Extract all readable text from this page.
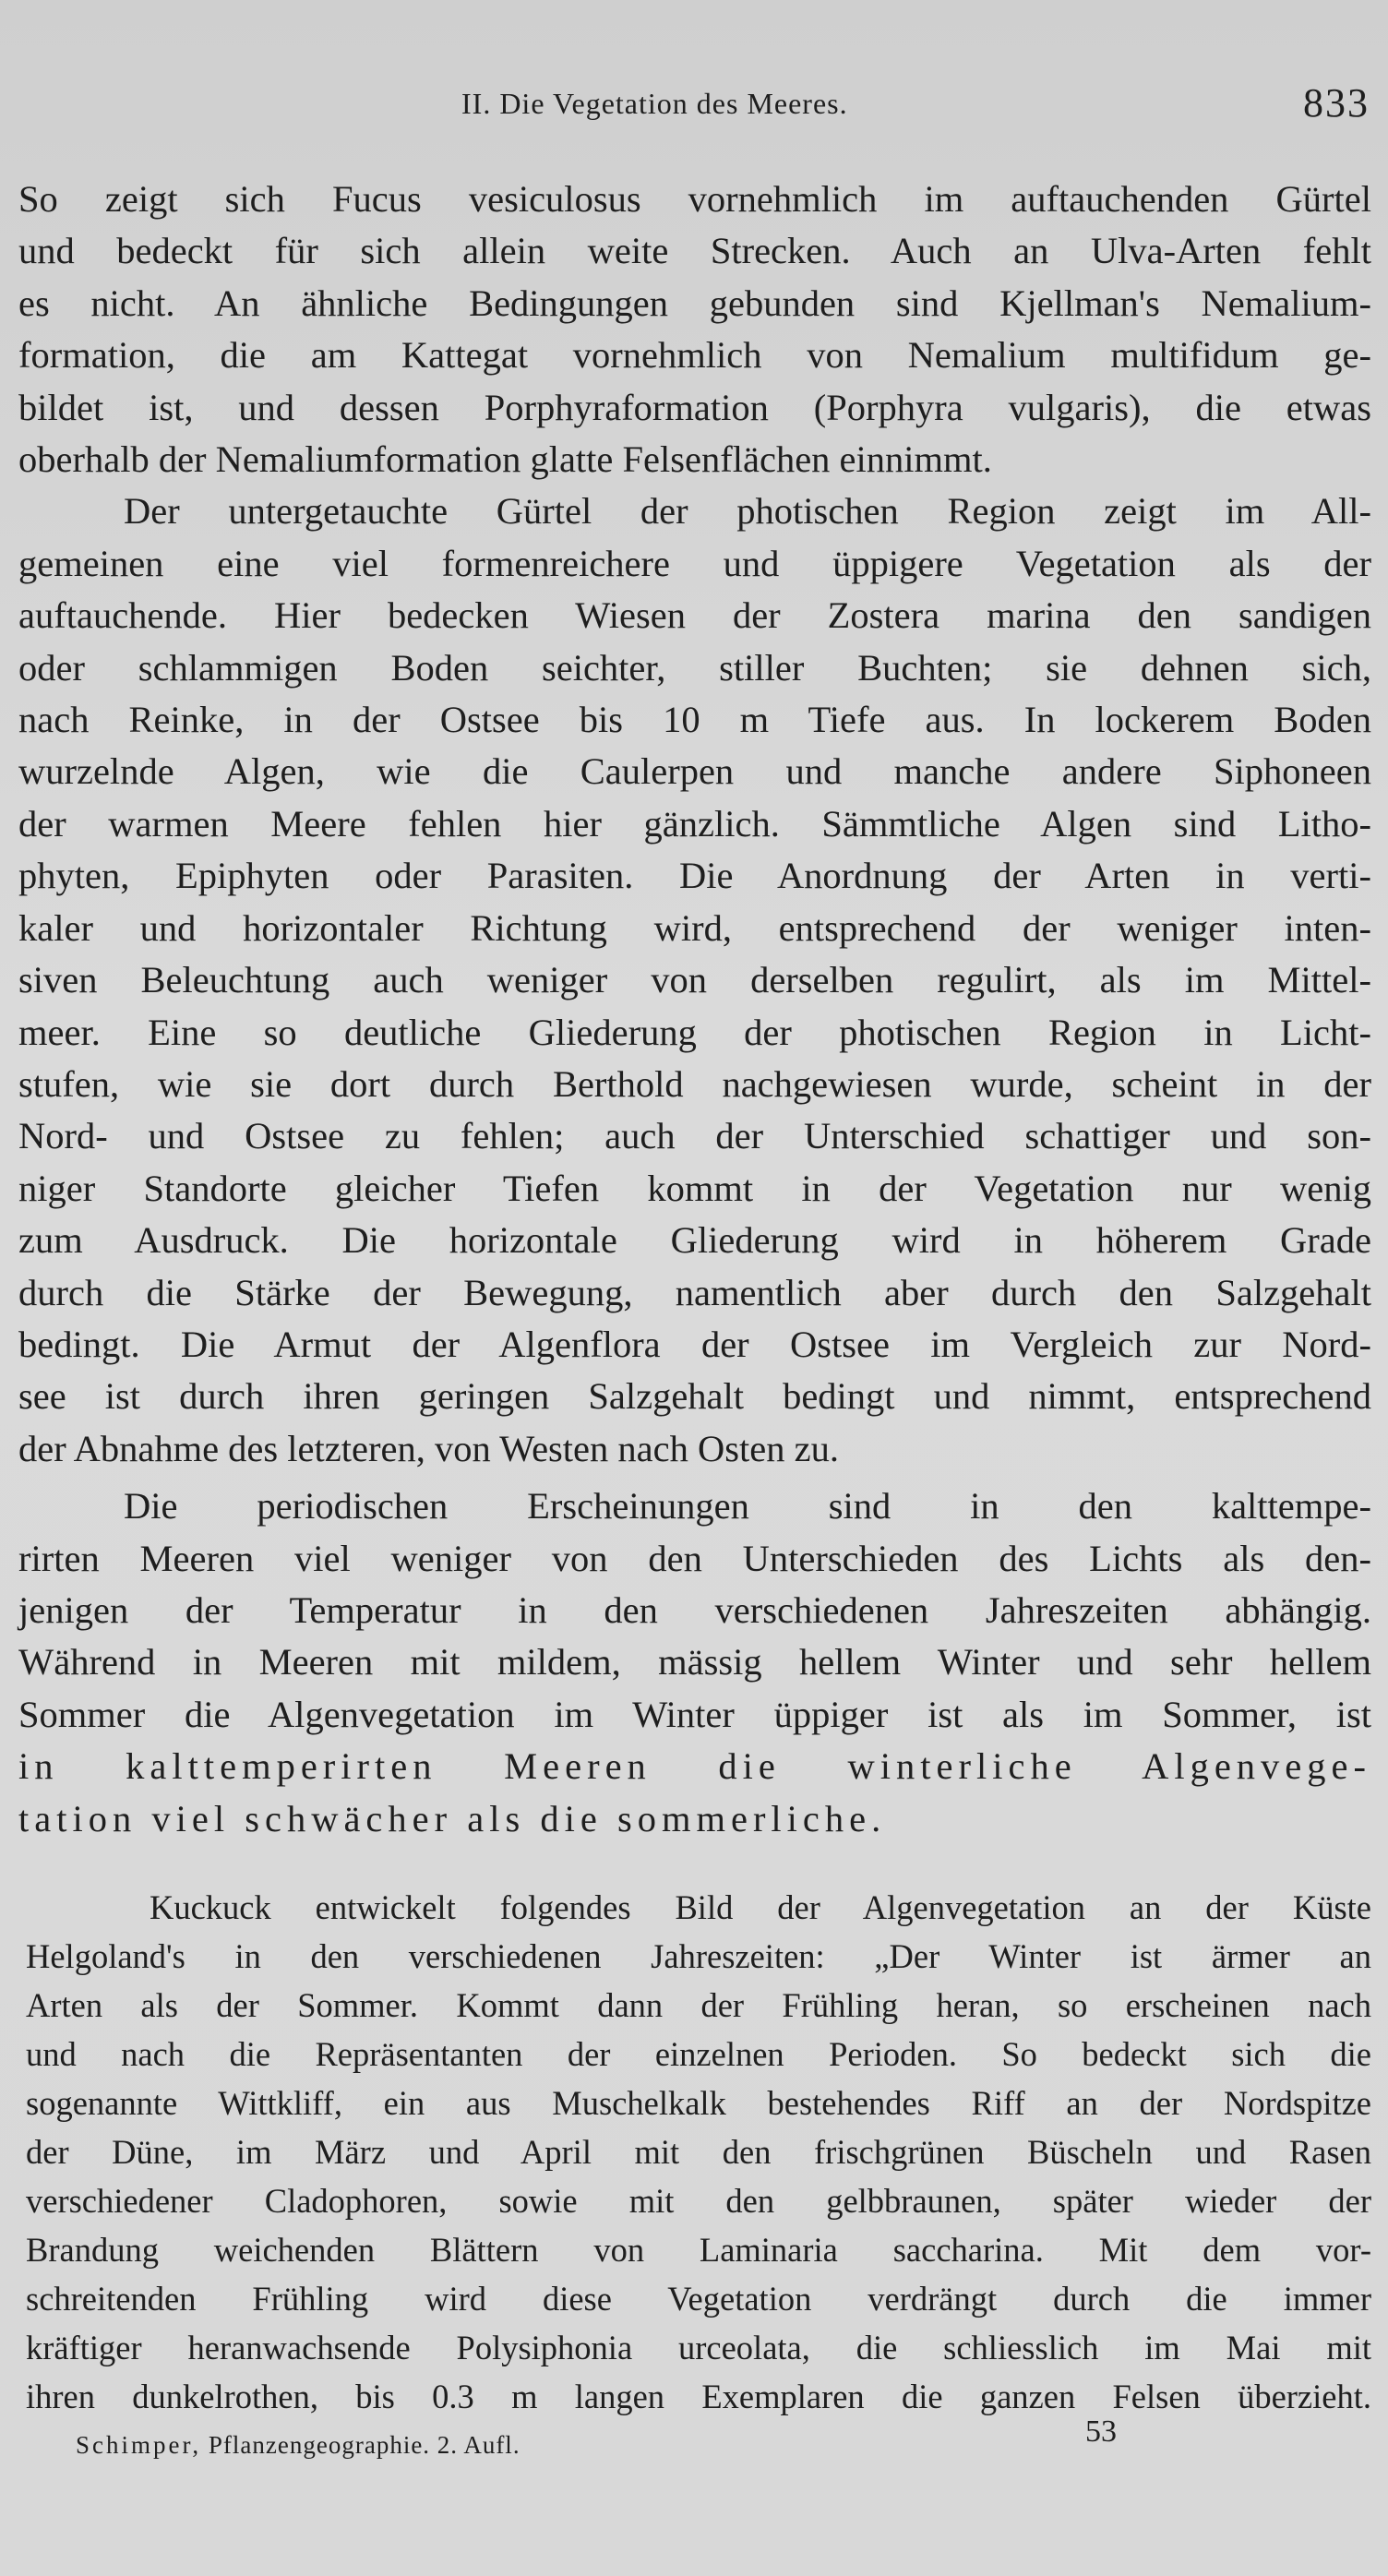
II. Die Vegetation des Meeres.	833

So zeigt sich Fucus vesiculosus vornehmlich im auftauchenden Gürtel

und bedeckt für sich allein weite Strecken. Auch an Ulva-Arten fehlt

es nicht. An ähnliche Bedingungen gebunden sind Kjellman's Nemalium-

formation, die am Kattegat vornehmlich von Nemalium multifidum ge-

bildet ist, und dessen Porphyraformation (Porphyra vulgaris), die etwas

oberhalb der Nemaliumformation glatte Felsenflächen einnimmt.

Der untergetauchte Gürtel der photischen Region zeigt im All-

gemeinen eine viel formenreichere und üppigere Vegetation als der

auftauchende. Hier bedecken Wiesen der Zostera marina den sandigen

oder schlammigen Boden seichter, stiller Buchten; sie dehnen sich,

nach Reinke, in der Ostsee bis 10 m Tiefe aus. In lockerem Boden

wurzelnde Algen, wie die Caulerpen und manche andere Siphoneen

der warmen Meere fehlen hier gänzlich. Sämmtliche Algen sind Litho-

phyten, Epiphyten oder Parasiten. Die Anordnung der Arten in verti-

kaler und horizontaler Richtung wird, entsprechend der weniger inten-

siven Beleuchtung auch weniger von derselben regulirt, als im Mittel-

meer. Eine so deutliche Gliederung der photischen Region in Licht-

stufen, wie sie dort durch Berthold nachgewiesen wurde, scheint in der

Nord- und Ostsee zu fehlen; auch der Unterschied schattiger und son-

niger Standorte gleicher Tiefen kommt in der Vegetation nur wenig

zum Ausdruck. Die horizontale Gliederung wird in höherem Grade

durch die Stärke der Bewegung, namentlich aber durch den Salzgehalt

bedingt. Die Armut der Algenflora der Ostsee im Vergleich zur Nord-

see ist durch ihren geringen Salzgehalt bedingt und nimmt, entsprechend

der Abnahme des letzteren, von Westen nach Osten zu.

Die periodischen Erscheinungen sind in den kalttempe-

rirten Meeren viel weniger von den Unterschieden des Lichts als den-

jenigen der Temperatur in den verschiedenen Jahreszeiten abhängig.

Während in Meeren mit mildem, mässig hellem Winter und sehr hellem

Sommer die Algenvegetation im Winter üppiger ist als im Sommer, ist

in kalttemperirten Meeren die winterliche Algenvege-

tation viel schwächer als die sommerliche.

Kuckuck entwickelt folgendes Bild der Algenvegetation an der Küste

Helgoland's in den verschiedenen Jahreszeiten: „Der Winter ist ärmer an

Arten als der Sommer. Kommt dann der Frühling heran, so erscheinen nach

und nach die Repräsentanten der einzelnen Perioden. So bedeckt sich die

sogenannte Wittkliff, ein aus Muschelkalk bestehendes Riff an der Nordspitze

der Düne, im März und April mit den frischgrünen Büscheln und Rasen

verschiedener Cladophoren, sowie mit den gelbbraunen, später wieder der

Brandung weichenden Blättern von Laminaria saccharina. Mit dem vor-

schreitenden Frühling wird diese Vegetation verdrängt durch die immer

kräftiger heranwachsende Polysiphonia urceolata, die schliesslich im Mai mit

ihren dunkelrothen, bis 0.3 m langen Exemplaren die ganzen Felsen überzieht.

Schimper, Pflanzengeographie. 2. Aufl.	53
